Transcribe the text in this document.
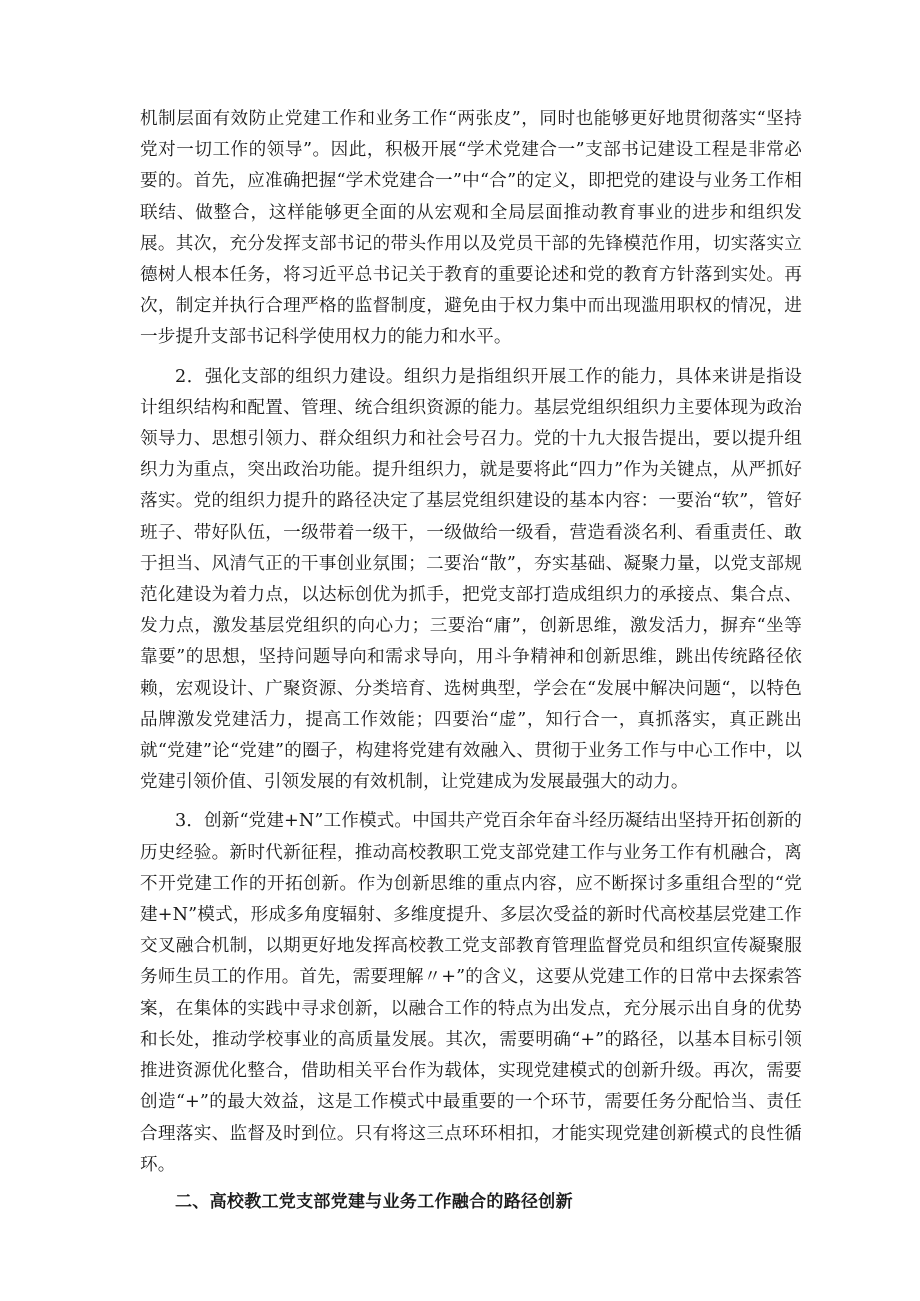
机制层面有效防止党建工作和业务工作“两张皮”，同时也能够更好地贯彻落实“坚持党对一切工作的领导”。因此，积极开展“学术党建合一”支部书记建设工程是非常必要的。首先，应准确把握“学术党建合一”中“合”的定义，即把党的建设与业务工作相联结、做整合，这样能够更全面的从宏观和全局层面推动教育事业的进步和组织发展。其次，充分发挥支部书记的带头作用以及党员干部的先锋模范作用，切实落实立德树人根本任务，将习近平总书记关于教育的重要论述和党的教育方针落到实处。再次，制定并执行合理严格的监督制度，避免由于权力集中而出现滥用职权的情况，进一步提升支部书记科学使用权力的能力和水平。

2．强化支部的组织力建设。组织力是指组织开展工作的能力，具体来讲是指设计组织结构和配置、管理、统合组织资源的能力。基层党组织组织力主要体现为政治领导力、思想引领力、群众组织力和社会号召力。党的十九大报告提出，要以提升组织力为重点，突出政治功能。提升组织力，就是要将此“四力”作为关键点，从严抓好落实。党的组织力提升的路径决定了基层党组织建设的基本内容：一要治“软”，管好班子、带好队伍，一级带着一级干，一级做给一级看，营造看淡名利、看重责任、敢于担当、风清气正的干事创业氛围；二要治“散”，夯实基础、凝聚力量，以党支部规范化建设为着力点，以达标创优为抓手，把党支部打造成组织力的承接点、集合点、发力点，激发基层党组织的向心力；三要治“庸”，创新思维，激发活力，摒弃“坐等靠要”的思想，坚持问题导向和需求导向，用斗争精神和创新思维，跳出传统路径依赖，宏观设计、广聚资源、分类培育、选树典型，学会在“发展中解决问题“，以特色品牌激发党建活力，提高工作效能；四要治“虚”，知行合一，真抓落实，真正跳出就“党建”论“党建”的圈子，构建将党建有效融入、贯彻于业务工作与中心工作中，以党建引领价值、引领发展的有效机制，让党建成为发展最强大的动力。

3．创新“党建+N”工作模式。中国共产党百余年奋斗经历凝结出坚持开拓创新的历史经验。新时代新征程，推动高校教职工党支部党建工作与业务工作有机融合，离不开党建工作的开拓创新。作为创新思维的重点内容，应不断探讨多重组合型的“党建+N”模式，形成多角度辐射、多维度提升、多层次受益的新时代高校基层党建工作交叉融合机制，以期更好地发挥高校教工党支部教育管理监督党员和组织宣传凝聚服务师生员工的作用。首先，需要理解〃+”的含义，这要从党建工作的日常中去探索答案，在集体的实践中寻求创新，以融合工作的特点为出发点，充分展示出自身的优势和长处，推动学校事业的高质量发展。其次，需要明确“+”的路径，以基本目标引领推进资源优化整合，借助相关平台作为载体，实现党建模式的创新升级。再次，需要创造“+”的最大效益，这是工作模式中最重要的一个环节，需要任务分配恰当、责任合理落实、监督及时到位。只有将这三点环环相扣，才能实现党建创新模式的良性循环。

二、高校教工党支部党建与业务工作融合的路径创新
